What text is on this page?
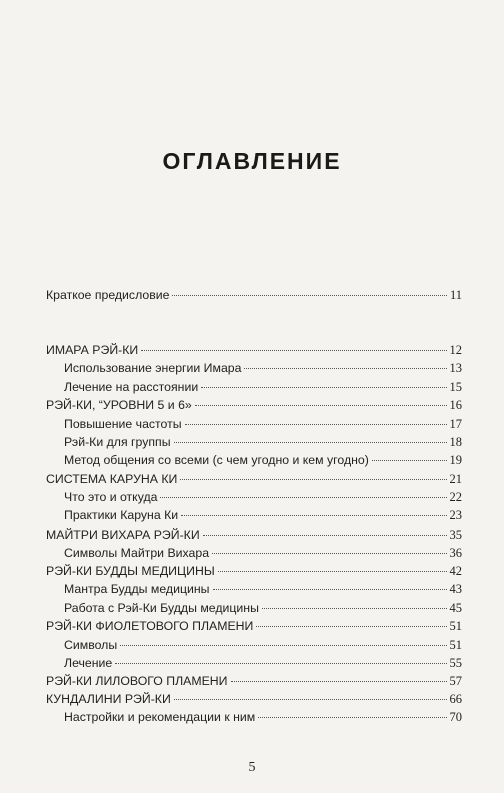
ОГЛАВЛЕНИЕ
Краткое предисловие	11
ИМАРА РЭЙ-КИ	12
Использование энергии Имара	13
Лечение на расстоянии	15
РЭЙ-КИ, “УРОВНИ 5 и 6»	16
Повышение частоты	17
Рэй-Ки для группы	18
Метод общения со всеми (с чем угодно и кем угодно)	19
СИСТЕМА КАРУНА КИ	21
Что это и откуда	22
Практики Каруна Ки	23
МАЙТРИ ВИХАРА РЭЙ-КИ	35
Символы Майтри Вихара	36
РЭЙ-КИ БУДДЫ МЕДИЦИНЫ	42
Мантра Будды медицины	43
Работа с Рэй-Ки Будды медицины	45
РЭЙ-КИ ФИОЛЕТОВОГО ПЛАМЕНИ	51
Символы	51
Лечение	55
РЭЙ-КИ ЛИЛОВОГО ПЛАМЕНИ	57
КУНДАЛИНИ РЭЙ-КИ	66
Настройки и рекомендации к ним	70
5
